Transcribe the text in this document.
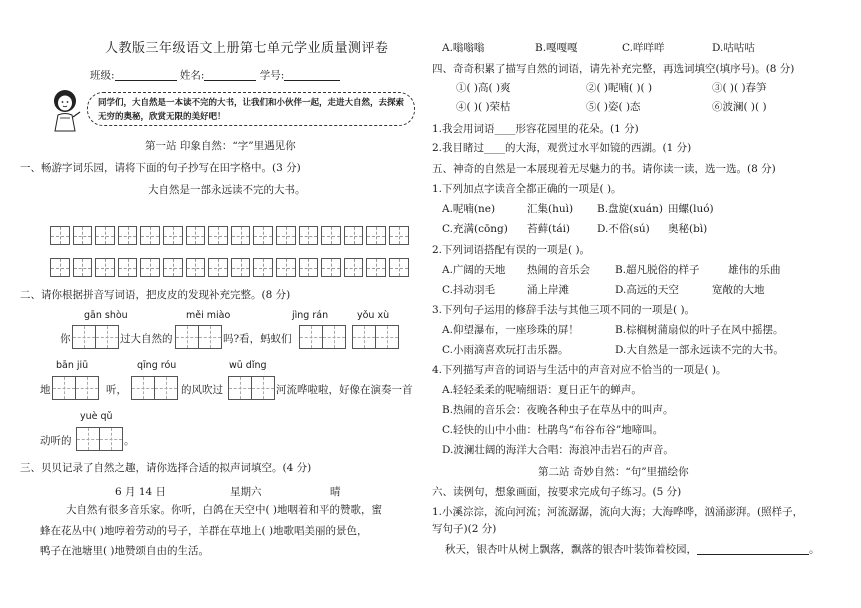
人教版三年级语文上册第七单元学业质量测评卷
班级:	姓名:	学号:
同学们，大自然是一本读不完的大书，让我们和小伙伴一起，走进大自然，去探索无穷的奥秘，欣赏无限的美好吧！
第一站 印象自然：“字”里遇见你
一、畅游字词乐园，请将下面的句子抄写在田字格中。(3 分)
大自然是一部永远读不完的大书。
二、请你根据拼音写词语，把皮皮的发现补充完整。(8 分)
gān shòu	měi miào	jìng rán	yǒu xù
你	过大自然的	吗?看，蚂蚁们
bān jiū	qīng róu	wū dǐng
地	听，	的风吹过	河流哗啦啦，好像在演奏一首
yuè qǔ
动听的	。
三、贝贝记录了自然之趣，请你选择合适的拟声词填空。(4 分)
6 月 14 日	星期六	晴
大自然有很多音乐家。你听，白鸽在天空中( )地咽着和平的赞歌，蜜
蜂在花丛中( )地哼着劳动的号子，羊群在草地上( )地歌唱美丽的景色，
鸭子在池塘里( )地赞颂自由的生活。
A.嗡嗡嗡	B.嘎嘎嘎	C.咩咩咩	D.咕咕咕
四、奇奇积累了描写自然的词语，请先补充完整，再选词填空(填序号)。(8 分)
①( )高( )爽	②( )呢喃( )( )	③( )( )春笋
④( )( )荣枯	⑤( )姿( )态	⑥波澜( )( )
1.我会用词语____形容花园里的花朵。(1 分)
2.我目睹过____的大海，观赏过水平如镜的西湖。(1 分)
五、神奇的自然是一本展现着无尽魅力的书。请你读一读，选一选。(8 分)
1.下列加点字读音全都正确的一项是( )。
A.呢喃(ne)	汇集(huì) B.盘旋(xuán) 田螺(luó)
C.充满(cōng) 苔藓(tái)	D.不俗(sú) 奥秘(bì)
2.下列词语搭配有误的一项是( )。
A.广阔的天地 热闹的音乐会 B.超凡脱俗的样子	雄伟的乐曲
C.抖动羽毛	涌上岸滩	D.高远的天空	宽敞的大地
3.下列句子运用的修辞手法与其他三项不同的一项是( )。
A.仰望瀑布，一座珍珠的屏！	B.棕榈树蒲扇似的叶子在风中摇摆。
C.小雨滴喜欢玩打击乐器。	D.大自然是一部永远读不完的大书。
4.下列描写声音的词语与生活中的声音对应不恰当的一项是( )。
A.轻轻柔柔的呢喃细语：夏日正午的蝉声。
B.热闹的音乐会：夜晚各种虫子在草丛中的叫声。
C.轻快的山中小曲：杜鹃鸟“布谷布谷”地啼叫。
D.波澜壮阔的海洋大合唱：海浪冲击岩石的声音。
第二站 奇妙自然：“句”里描绘你
六、读例句，想象画面，按要求完成句子练习。(5 分)
1.小溪淙淙，流向河流；河流潺潺，流向大海；大海哗哗，汹涌澎湃。(照样子，
写句子)(2 分)
秋天，银杏叶从树上飘落，飘落的银杏叶装饰着校园，	。
